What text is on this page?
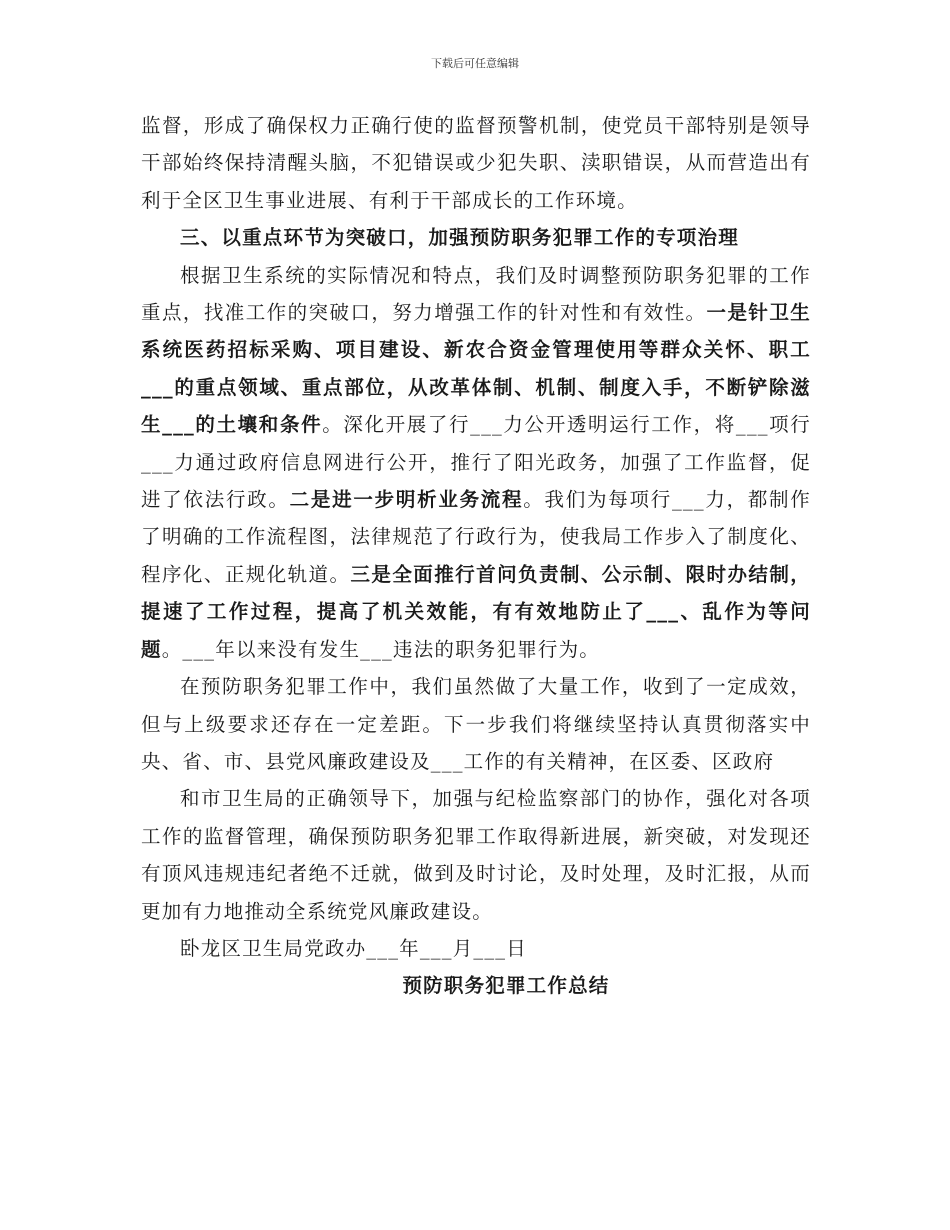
下载后可任意编辑

监督，形成了确保权力正确行使的监督预警机制，使党员干部特别是领导干部始终保持清醒头脑，不犯错误或少犯失职、渎职错误，从而营造出有利于全区卫生事业进展、有利于干部成长的工作环境。

三、以重点环节为突破口，加强预防职务犯罪工作的专项治理

根据卫生系统的实际情况和特点，我们及时调整预防职务犯罪的工作重点，找准工作的突破口，努力增强工作的针对性和有效性。一是针卫生系统医药招标采购、项目建设、新农合资金管理使用等群众关怀、职工___的重点领域、重点部位，从改革体制、机制、制度入手，不断铲除滋生___的土壤和条件。深化开展了行___力公开透明运行工作，将___项行___力通过政府信息网进行公开，推行了阳光政务，加强了工作监督，促进了依法行政。二是进一步明析业务流程。我们为每项行___力，都制作了明确的工作流程图，法律规范了行政行为，使我局工作步入了制度化、程序化、正规化轨道。三是全面推行首问负责制、公示制、限时办结制，提速了工作过程，提高了机关效能，有有效地防止了___、乱作为等问题。___年以来没有发生___违法的职务犯罪行为。

在预防职务犯罪工作中，我们虽然做了大量工作，收到了一定成效，但与上级要求还存在一定差距。下一步我们将继续坚持认真贯彻落实中央、省、市、县党风廉政建设及___工作的有关精神，在区委、区政府

和市卫生局的正确领导下，加强与纪检监察部门的协作，强化对各项工作的监督管理，确保预防职务犯罪工作取得新进展，新突破，对发现还有顶风违规违纪者绝不迁就，做到及时讨论，及时处理，及时汇报，从而更加有力地推动全系统党风廉政建设。

卧龙区卫生局党政办___年___月___日

预防职务犯罪工作总结
